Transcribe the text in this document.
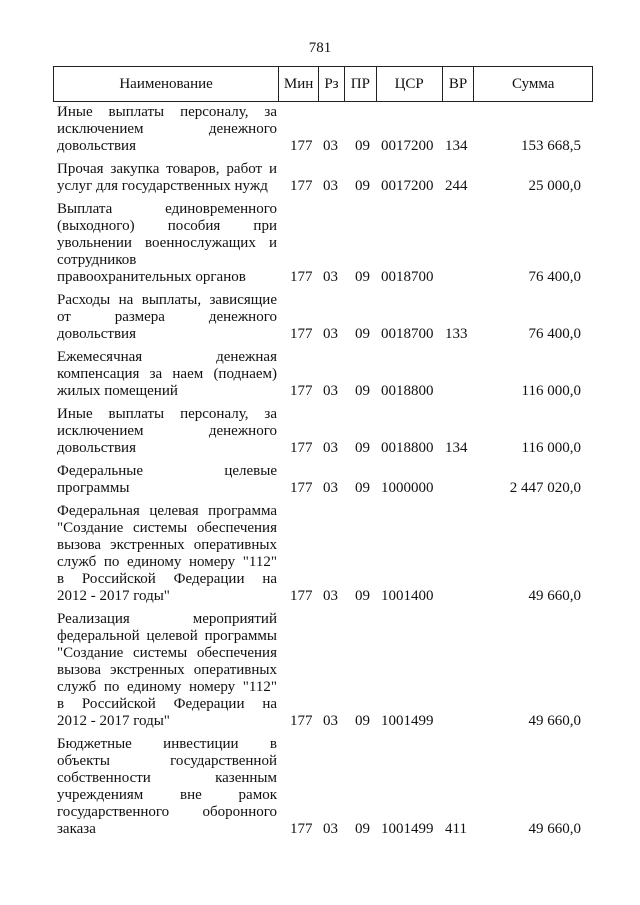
781
Наименование	Мин Рз ПР	ЦСР	ВР	Сумма
Иные выплаты персоналу, за
исключением денежного
довольствия	177 03 09 0017200 134	153 668,5
Прочая закупка товаров, работ и
услуг для государственных нужд	177 03 09 0017200 244	25 000,0
Выплата единовременного
(выходного) пособия при
увольнении военнослужащих и
сотрудников
правоохранительных органов	177 03 09 0018700	76 400,0
Расходы на выплаты, зависящие
от размера денежного
довольствия	177 03 09 0018700 133	76 400,0
Ежемесячная денежная
компенсация за наем (поднаем)
жилых помещений	177 03 09 0018800	116 000,0
Иные выплаты персоналу, за
исключением денежного
довольствия	177 03 09 0018800 134	116 000,0
Федеральные целевые
программы	177 03 09 1000000	2 447 020,0
Федеральная целевая программа
"Создание системы обеспечения
вызова экстренных оперативных
служб по единому номеру "112"
в Российской Федерации на
2012 - 2017 годы"	177 03 09 1001400	49 660,0
Реализация мероприятий
федеральной целевой программы
"Создание системы обеспечения
вызова экстренных оперативных
служб по единому номеру "112"
в Российской Федерации на
2012 - 2017 годы"	177 03 09 1001499	49 660,0
Бюджетные инвестиции в
объекты государственной
собственности казенным
учреждениям вне рамок
государственного оборонного
заказа	177 03 09 1001499 411	49 660,0
